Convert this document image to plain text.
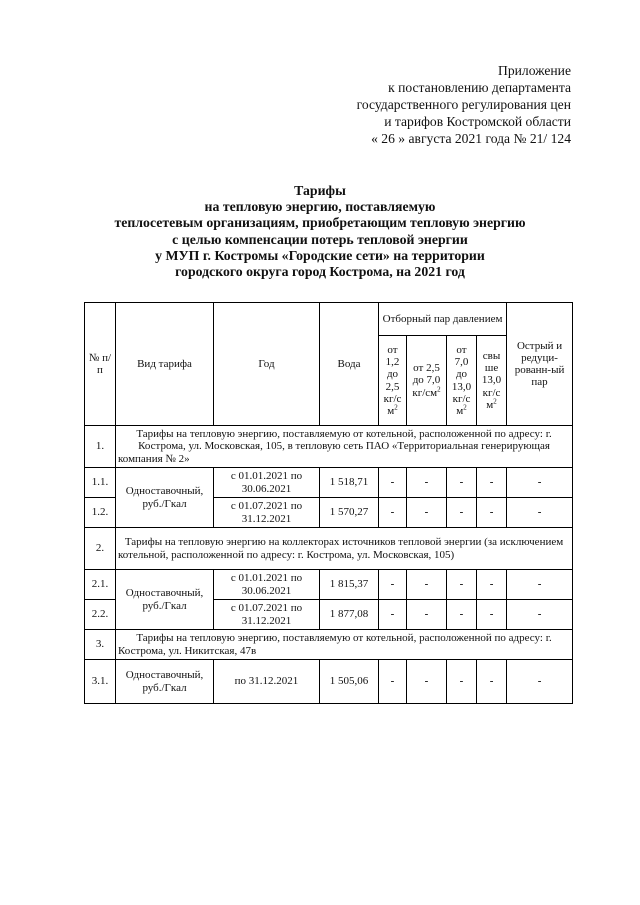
Приложение
к постановлению департамента
государственного регулирования цен
и тарифов Костромской области
« 26 » августа 2021 года № 21/ 124
Тарифы
на тепловую энергию, поставляемую
теплосетевым организациям, приобретающим тепловую энергию
с целью компенсации потерь тепловой энергии
у МУП г. Костромы «Городские сети» на территории
городского округа город Кострома, на 2021 год
№ п/п	Вид тарифа	Год	Вода	Отборный пар давлением				Острый и редуци-рованн-ый пар
				от 1,2 до 2,5 кг/с $м^2$	от 2,5 до 7,0 $кг/см^2$	от 7,0 до 13,0 кг/с $м^2$	свы ше 13,0 кг/с $м^2$
1.	Тарифы на тепловую энергию, поставляемую от котельной, расположенной по адресу: г. Кострома, ул. Московская, 105, в тепловую сеть ПАО «Территориальная генерирующая компания № 2»							
1.1.	Одноставочный, руб./Гкал	с 01.01.2021 по 30.06.2021	1 518,71	-	-	-	-	-
1.2.		с 01.07.2021 по 31.12.2021	1 570,27	-	-	-	-	-
2.	Тарифы на тепловую энергию на коллекторах источников тепловой энергии (за исключением котельной, расположенной по адресу: г. Кострома, ул. Московская, 105)							
2.1.	Одноставочный, руб./Гкал	с 01.01.2021 по 30.06.2021	1 815,37	-	-	-	-	-
2.2.		с 01.07.2021 по 31.12.2021	1 877,08	-	-	-	-	-
3.	Тарифы на тепловую энергию, поставляемую от котельной, расположенной по адресу: г. Кострома, ул. Никитская, 47в							
3.1.	Одноставочный, руб./Гкал	по 31.12.2021	1 505,06	-	-	-	-	-
